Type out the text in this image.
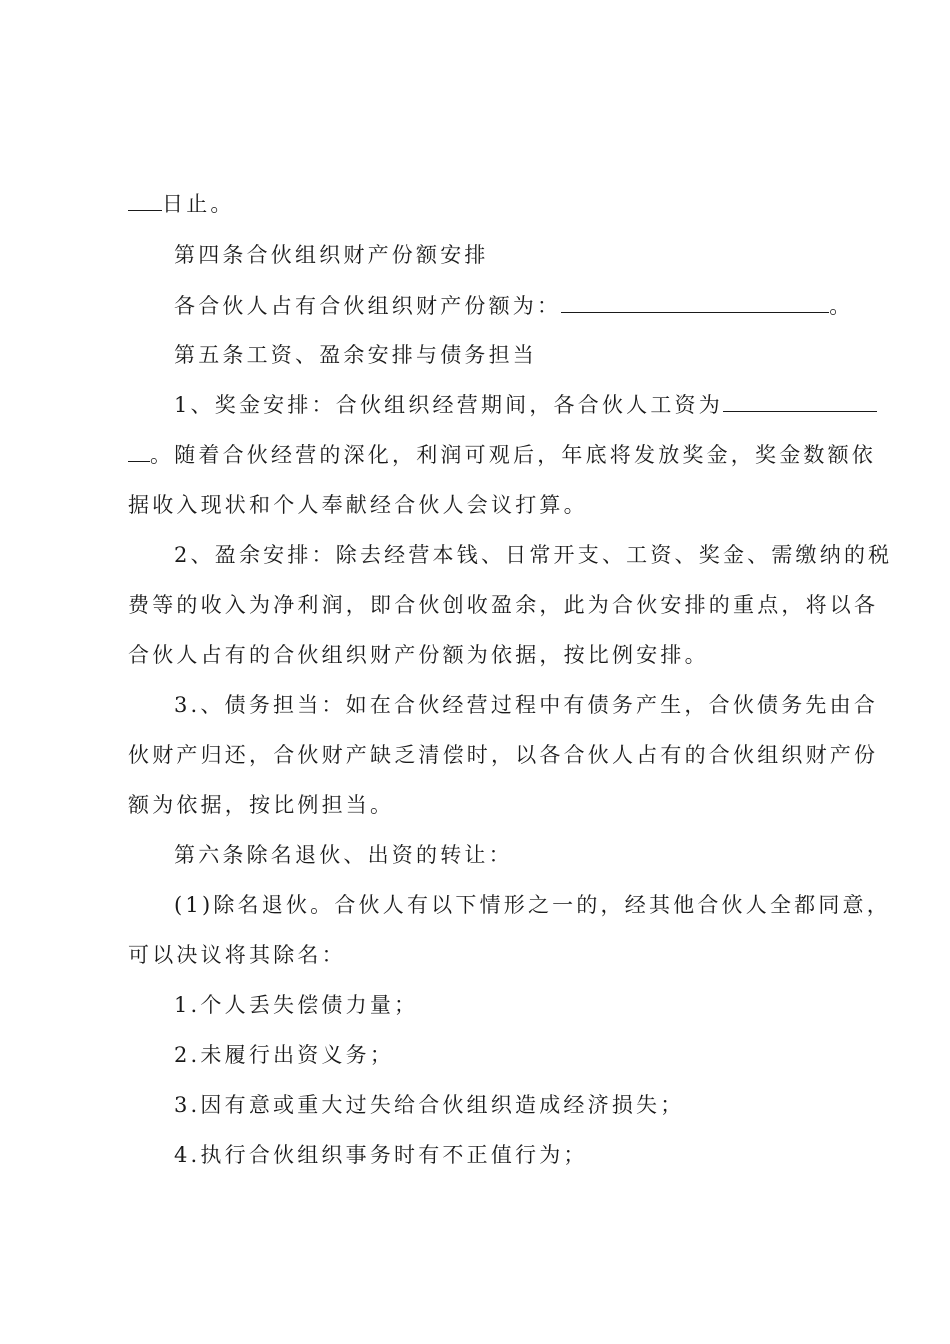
日止。
第四条合伙组织财产份额安排
各合伙人占有合伙组织财产份额为：	。
第五条工资、盈余安排与债务担当
1、奖金安排：合伙组织经营期间，各合伙人工资为
。随着合伙经营的深化，利润可观后，年底将发放奖金，奖金数额依
据收入现状和个人奉献经合伙人会议打算。
2、盈余安排：除去经营本钱、日常开支、工资、奖金、需缴纳的税
费等的收入为净利润，即合伙创收盈余，此为合伙安排的重点，将以各
合伙人占有的合伙组织财产份额为依据，按比例安排。
3.、债务担当：如在合伙经营过程中有债务产生，合伙债务先由合
伙财产归还，合伙财产缺乏清偿时，以各合伙人占有的合伙组织财产份
额为依据，按比例担当。
第六条除名退伙、出资的转让：
(1)除名退伙。合伙人有以下情形之一的，经其他合伙人全都同意，
可以决议将其除名：
1.个人丢失偿债力量；
2.未履行出资义务；
3.因有意或重大过失给合伙组织造成经济损失；
4.执行合伙组织事务时有不正值行为；
